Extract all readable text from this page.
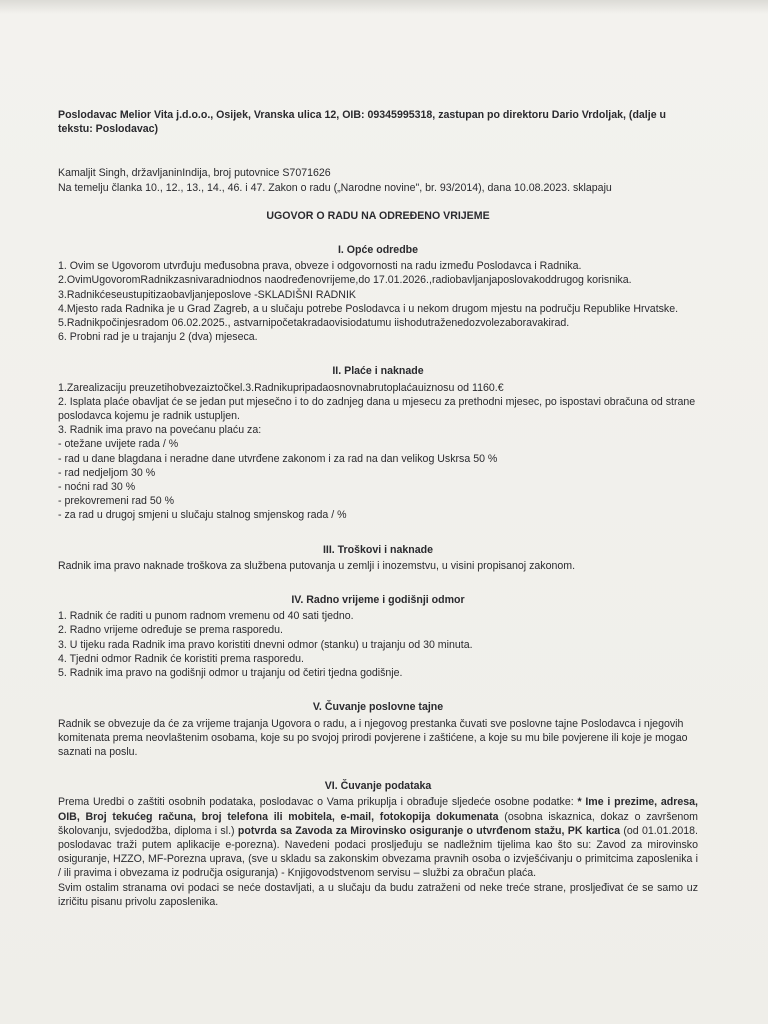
Poslodavac Melior Vita j.d.o.o., Osijek, Vranska ulica 12, OIB: 09345995318, zastupan po direktoru Dario Vrdoljak, (dalje u tekstu: Poslodavac)

Kamaljit Singh, državljaninIndija, broj putovnice S7071626

Na temelju članka 10., 12., 13., 14., 46. i 47. Zakon o radu („Narodne novine", br. 93/2014), dana 10.08.2023. sklapaju

UGOVOR O RADU NA ODREĐENO VRIJEME

I. Opće odredbe

1. Ovim se Ugovorom utvrđuju međusobna prava, obveze i odgovornosti na radu između Poslodavca i Radnika.

2.OvimUgovoromRadnikzasnivaradniodnos naodređenovrijeme,do 17.01.2026.,radiobavljanjaposlovakoddrugog korisnika.

3.Radnikćeseustupitizaobavljanjeposlove -SKLADIŠNI RADNIK

4.Mjesto rada Radnika je u Grad Zagreb, a u slučaju potrebe Poslodavca i u nekom drugom mjestu na području Republike Hrvatske.

5.Radnikpočinjesradom 06.02.2025., astvarnipočetakradaovisiodatumu iishodutraženedozvolezaboravakirad.

6. Probni rad je u trajanju 2 (dva) mjeseca.

II. Plaće i naknade

1.Zarealizaciju preuzetihobvezaiztočkel.3.Radnikupripadaosnovnabrutoplaćauiznosu od 1160.€

2. Isplata plaće obavljat će se jedan put mjesečno i to do zadnjeg dana u mjesecu za prethodni mjesec, po ispostavi obračuna od strane poslodavca kojemu je radnik ustupljen.

3. Radnik ima pravo na povećanu plaću za:

- otežane uvijete rada / %

- rad u dane blagdana i neradne dane utvrđene zakonom i za rad na dan velikog Uskrsa 50 %

- rad nedjeljom 30 %

- noćni rad 30 %

- prekovremeni rad 50 %

- za rad u drugoj smjeni u slučaju stalnog smjenskog rada / %

III. Troškovi i naknade

Radnik ima pravo naknade troškova za službena putovanja u zemlji i inozemstvu, u visini propisanoj zakonom.

IV. Radno vrijeme i godišnji odmor

1. Radnik će raditi u punom radnom vremenu od 40 sati tjedno.

2. Radno vrijeme određuje se prema rasporedu.

3. U tijeku rada Radnik ima pravo koristiti dnevni odmor (stanku) u trajanju od 30 minuta.

4. Tjedni odmor Radnik će koristiti prema rasporedu.

5. Radnik ima pravo na godišnji odmor u trajanju od četiri tjedna godišnje.

V. Čuvanje poslovne tajne

Radnik se obvezuje da će za vrijeme trajanja Ugovora o radu, a i njegovog prestanka čuvati sve poslovne tajne Poslodavca i njegovih komitenata prema neovlaštenim osobama, koje su po svojoj prirodi povjerene i zaštićene, a koje su mu bile povjerene ili koje je mogao saznati na poslu.

VI. Čuvanje podataka

Prema Uredbi o zaštiti osobnih podataka, poslodavac o Vama prikuplja i obrađuje sljedeće osobne podatke: * Ime i prezime, adresa, OIB, Broj tekućeg računa, broj telefona ili mobitela, e-mail, fotokopija dokumenata (osobna iskaznica, dokaz o završenom školovanju, svjedodžba, diploma i sl.) potvrda sa Zavoda za Mirovinsko osiguranje o utvrđenom stažu, PK kartica (od 01.01.2018. poslodavac traži putem aplikacije e-porezna). Navedeni podaci prosljeđuju se nadležnim tijelima kao što su: Zavod za mirovinsko osiguranje, HZZO, MF-Porezna uprava, (sve u skladu sa zakonskim obvezama pravnih osoba o izvješćivanju o primitcima zaposlenika i / ili pravima i obvezama iz područja osiguranja) - Knjigovodstvenom servisu – službi za obračun plaća.

Svim ostalim stranama ovi podaci se neće dostavljati, a u slučaju da budu zatraženi od neke treće strane, prosljeđivat će se samo uz izričitu pisanu privolu zaposlenika.
